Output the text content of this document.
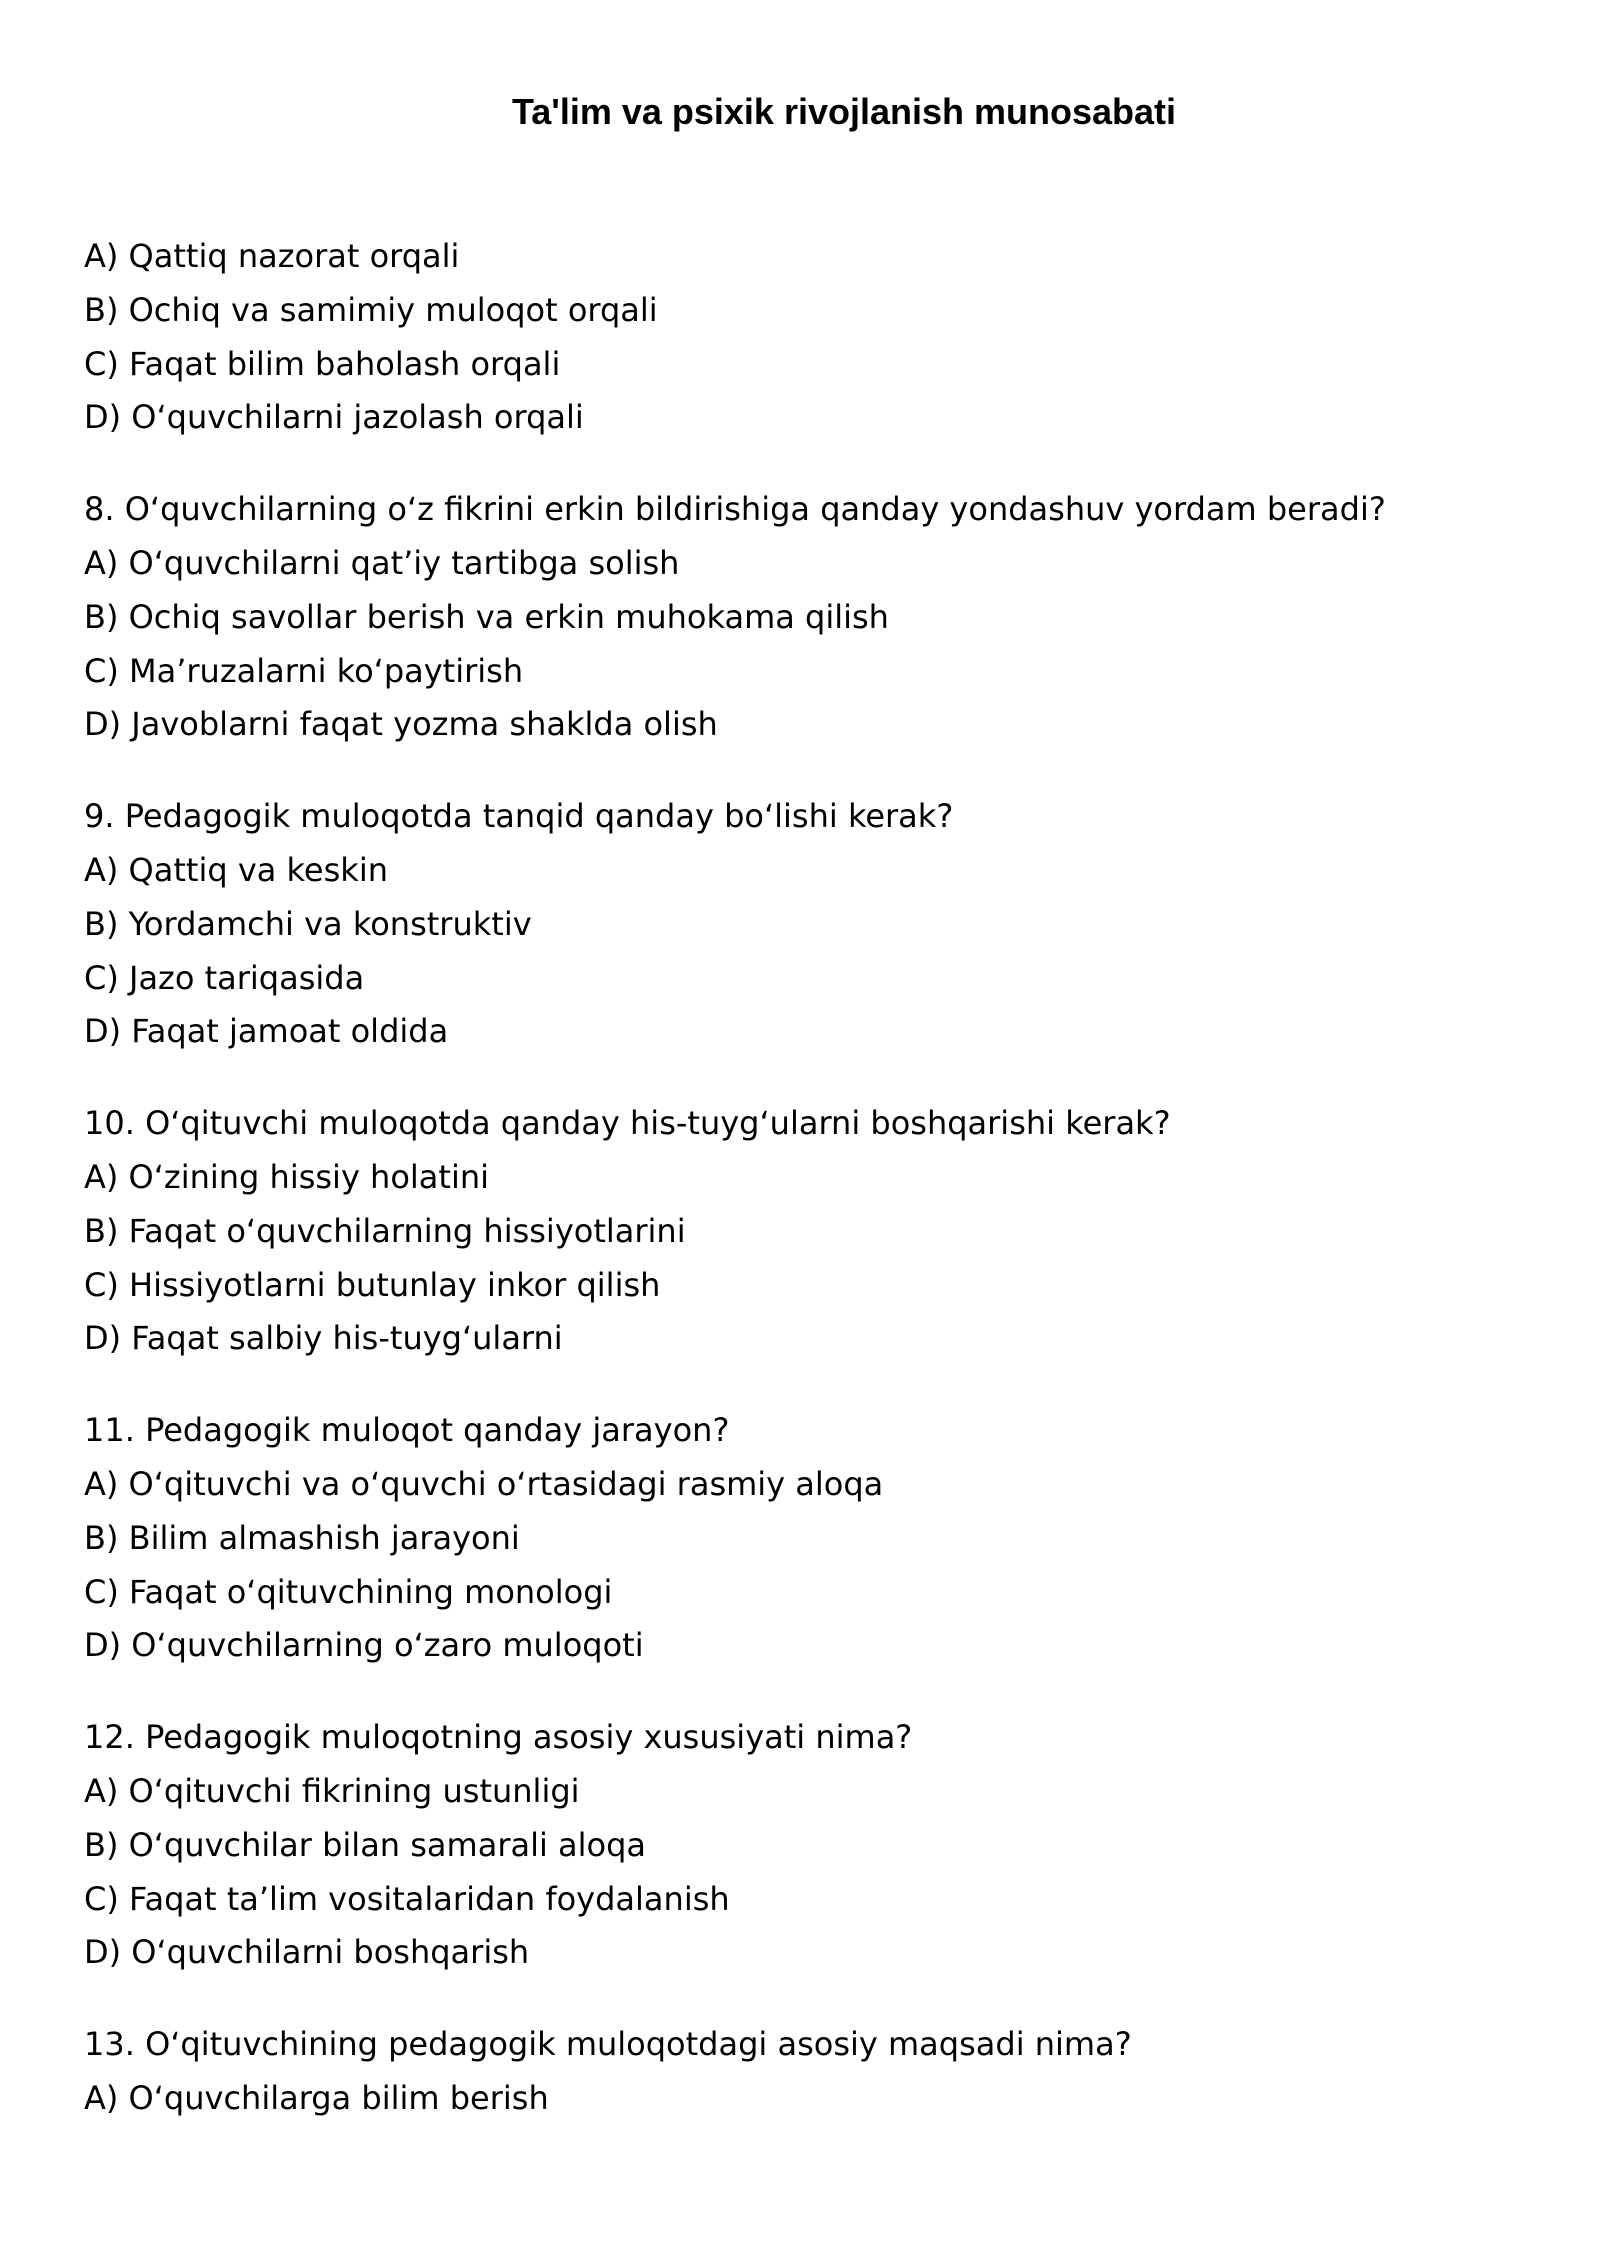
Ta'lim va psixik rivojlanish munosabati
A) Qattiq nazorat orqali
B) Ochiq va samimiy muloqot orqali
C) Faqat bilim baholash orqali
D) O‘quvchilarni jazolash orqali
8. O‘quvchilarning o‘z fikrini erkin bildirishiga qanday yondashuv yordam beradi?
A) O‘quvchilarni qat’iy tartibga solish
B) Ochiq savollar berish va erkin muhokama qilish
C) Ma’ruzalarni ko‘paytirish
D) Javoblarni faqat yozma shaklda olish
9. Pedagogik muloqotda tanqid qanday bo‘lishi kerak?
A) Qattiq va keskin
B) Yordamchi va konstruktiv
C) Jazo tariqasida
D) Faqat jamoat oldida
10. O‘qituvchi muloqotda qanday his-tuyg‘ularni boshqarishi kerak?
A) O‘zining hissiy holatini
B) Faqat o‘quvchilarning hissiyotlarini
C) Hissiyotlarni butunlay inkor qilish
D) Faqat salbiy his-tuyg‘ularni
11. Pedagogik muloqot qanday jarayon?
A) O‘qituvchi va o‘quvchi o‘rtasidagi rasmiy aloqa
B) Bilim almashish jarayoni
C) Faqat o‘qituvchining monologi
D) O‘quvchilarning o‘zaro muloqoti
12. Pedagogik muloqotning asosiy xususiyati nima?
A) O‘qituvchi fikrining ustunligi
B) O‘quvchilar bilan samarali aloqa
C) Faqat ta’lim vositalaridan foydalanish
D) O‘quvchilarni boshqarish
13. O‘qituvchining pedagogik muloqotdagi asosiy maqsadi nima?
A) O‘quvchilarga bilim berish
